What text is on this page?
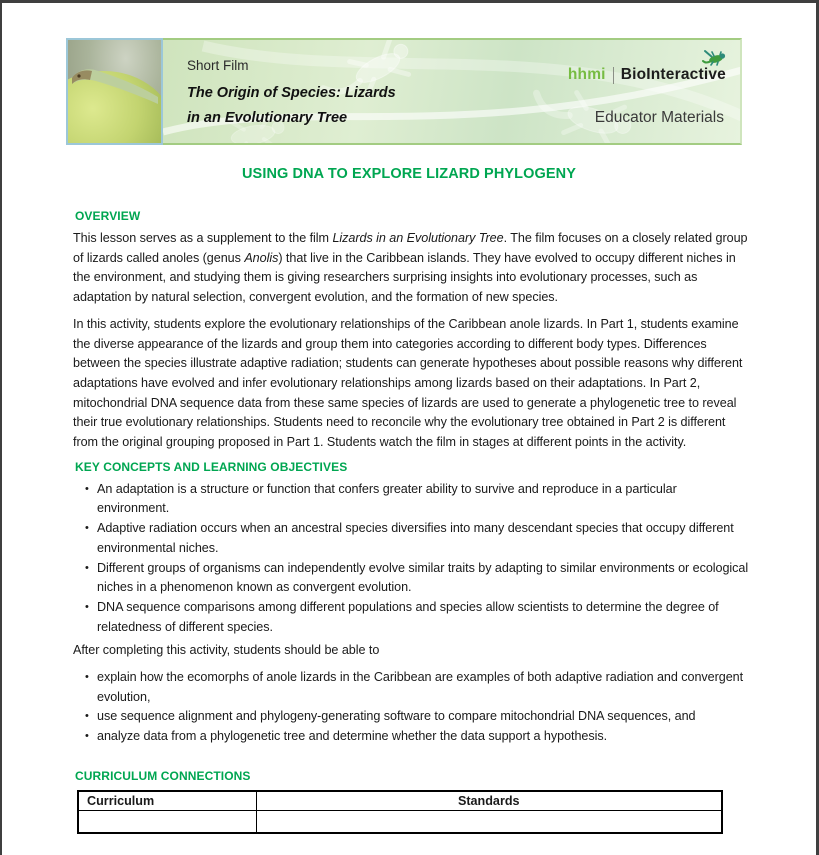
Short Film
The Origin of Species: Lizards
in an Evolutionary Tree
hhmi BioInteractive
Educator Materials
USING DNA TO EXPLORE LIZARD PHYLOGENY
OVERVIEW

This lesson serves as a supplement to the film Lizards in an Evolutionary Tree. The film focuses on a closely related group of lizards called anoles (genus Anolis) that live in the Caribbean islands. They have evolved to occupy different niches in the environment, and studying them is giving researchers surprising insights into evolutionary processes, such as adaptation by natural selection, convergent evolution, and the formation of new species.

In this activity, students explore the evolutionary relationships of the Caribbean anole lizards. In Part 1, students examine the diverse appearance of the lizards and group them into categories according to different body types. Differences between the species illustrate adaptive radiation; students can generate hypotheses about possible reasons why different adaptations have evolved and infer evolutionary relationships among lizards based on their adaptations. In Part 2, mitochondrial DNA sequence data from these same species of lizards are used to generate a phylogenetic tree to reveal their true evolutionary relationships. Students need to reconcile why the evolutionary tree obtained in Part 2 is different from the original grouping proposed in Part 1. Students watch the film in stages at different points in the activity.

KEY CONCEPTS AND LEARNING OBJECTIVES
• An adaptation is a structure or function that confers greater ability to survive and reproduce in a particular environment.
• Adaptive radiation occurs when an ancestral species diversifies into many descendant species that occupy different environmental niches.
• Different groups of organisms can independently evolve similar traits by adapting to similar environments or ecological niches in a phenomenon known as convergent evolution.
• DNA sequence comparisons among different populations and species allow scientists to determine the degree of relatedness of different species.

After completing this activity, students should be able to

• explain how the ecomorphs of anole lizards in the Caribbean are examples of both adaptive radiation and convergent evolution,
• use sequence alignment and phylogeny-generating software to compare mitochondrial DNA sequences, and
• analyze data from a phylogenetic tree and determine whether the data support a hypothesis.
CURRICULUM CONNECTIONS
Curriculum	Standards
